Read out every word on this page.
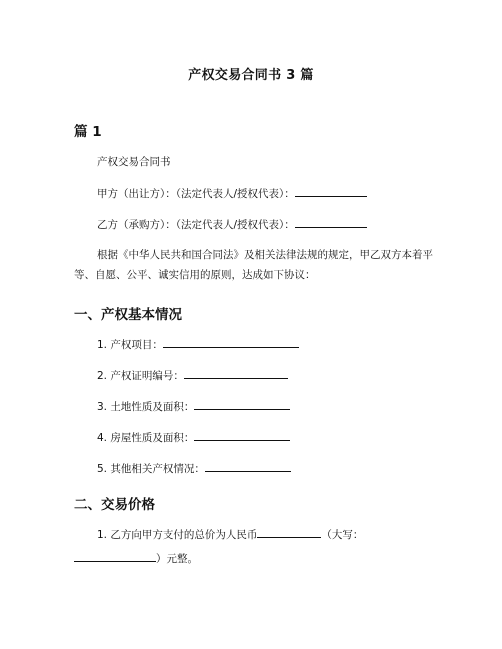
产权交易合同书 3 篇
篇 1
产权交易合同书
甲方（出让方）：（法定代表人/授权代表）：
乙方（承购方）：（法定代表人/授权代表）：
根据《中华人民共和国合同法》及相关法律法规的规定，甲乙双方本着平等、自愿、公平、诚实信用的原则，达成如下协议：
一、产权基本情况
1. 产权项目：
2. 产权证明编号：
3. 土地性质及面积：
4. 房屋性质及面积：
5. 其他相关产权情况：
二、交易价格
1. 乙方向甲方支付的总价为人民币	（大写：
）元整。
